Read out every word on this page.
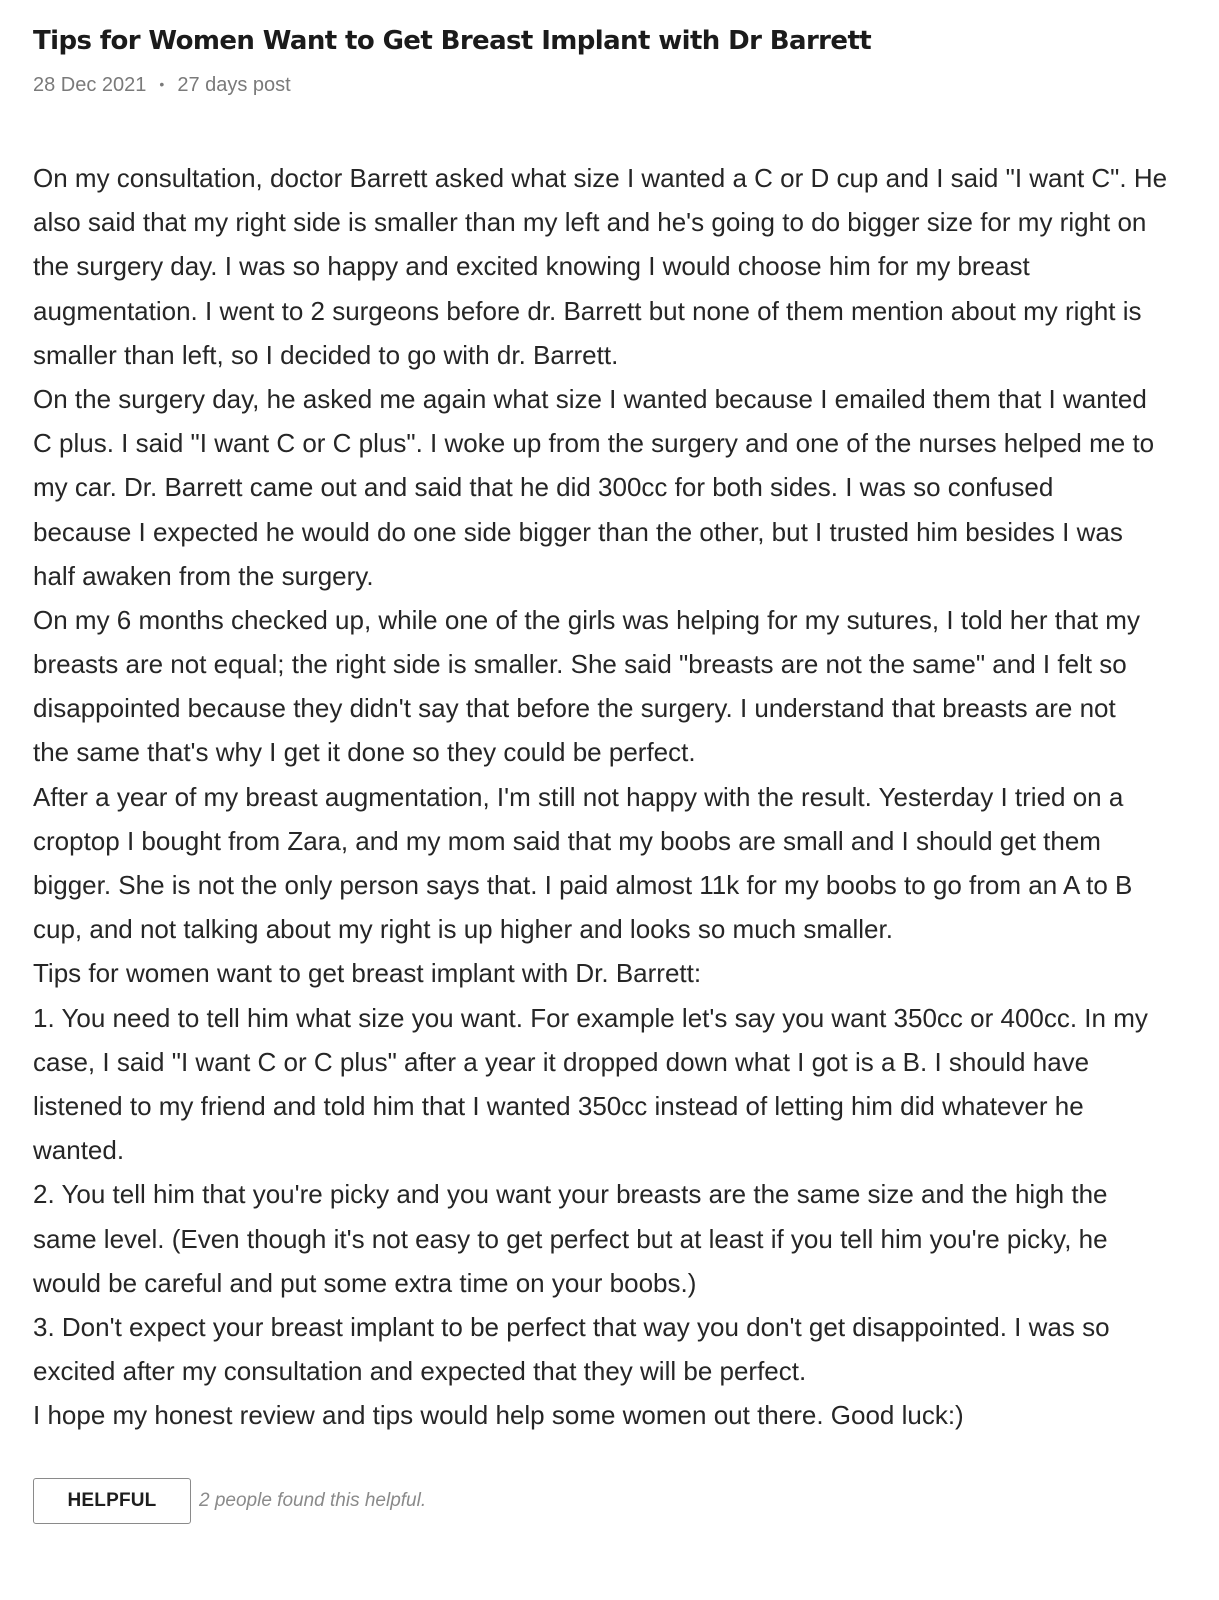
Tips for Women Want to Get Breast Implant with Dr Barrett
28 Dec 2021 • 27 days post
On my consultation, doctor Barrett asked what size I wanted a C or D cup and I said "I want C". He
also said that my right side is smaller than my left and he's going to do bigger size for my right on
the surgery day. I was so happy and excited knowing I would choose him for my breast
augmentation. I went to 2 surgeons before dr. Barrett but none of them mention about my right is
smaller than left, so I decided to go with dr. Barrett.
On the surgery day, he asked me again what size I wanted because I emailed them that I wanted
C plus. I said "I want C or C plus". I woke up from the surgery and one of the nurses helped me to
my car. Dr. Barrett came out and said that he did 300cc for both sides. I was so confused
because I expected he would do one side bigger than the other, but I trusted him besides I was
half awaken from the surgery.
On my 6 months checked up, while one of the girls was helping for my sutures, I told her that my
breasts are not equal; the right side is smaller. She said "breasts are not the same" and I felt so
disappointed because they didn't say that before the surgery. I understand that breasts are not
the same that's why I get it done so they could be perfect.
After a year of my breast augmentation, I'm still not happy with the result. Yesterday I tried on a
croptop I bought from Zara, and my mom said that my boobs are small and I should get them
bigger. She is not the only person says that. I paid almost 11k for my boobs to go from an A to B
cup, and not talking about my right is up higher and looks so much smaller.
Tips for women want to get breast implant with Dr. Barrett:
1. You need to tell him what size you want. For example let's say you want 350cc or 400cc. In my
case, I said "I want C or C plus" after a year it dropped down what I got is a B. I should have
listened to my friend and told him that I wanted 350cc instead of letting him did whatever he
wanted.
2. You tell him that you're picky and you want your breasts are the same size and the high the
same level. (Even though it's not easy to get perfect but at least if you tell him you're picky, he
would be careful and put some extra time on your boobs.)
3. Don't expect your breast implant to be perfect that way you don't get disappointed. I was so
excited after my consultation and expected that they will be perfect.
I hope my honest review and tips would help some women out there. Good luck:)
HELPFUL	2 people found this helpful.
